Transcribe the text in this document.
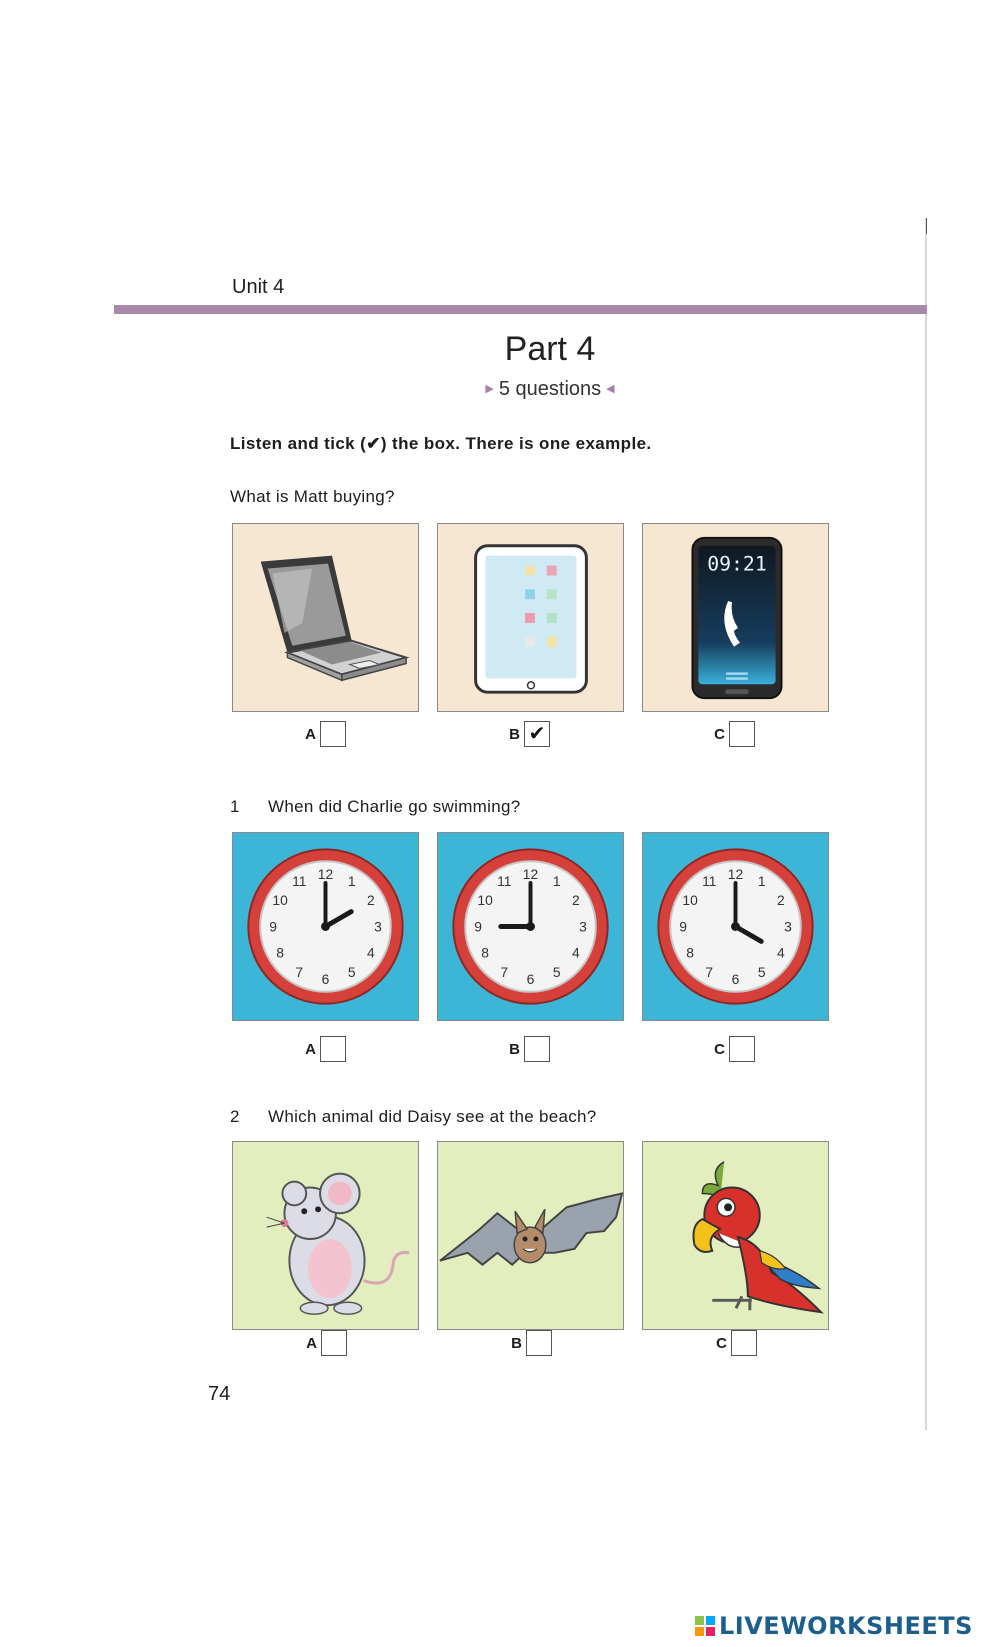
Unit 4
Part 4
▶ 5 questions ◀
Listen and tick (✔) the box. There is one example.
What is Matt buying?
09:21
A	B ✔	C
1 When did Charlie go swimming?
12 1
2
3
4
5
6
7
8
9
10
11	12 1
2
3
4
5
6
7
8
9
10
11	12 1
2
3
4
5
6
7
8
9
10
11
A	B	C
2 Which animal did Daisy see at the beach?
A	B	C
74
LIVEWORKSHEETS
